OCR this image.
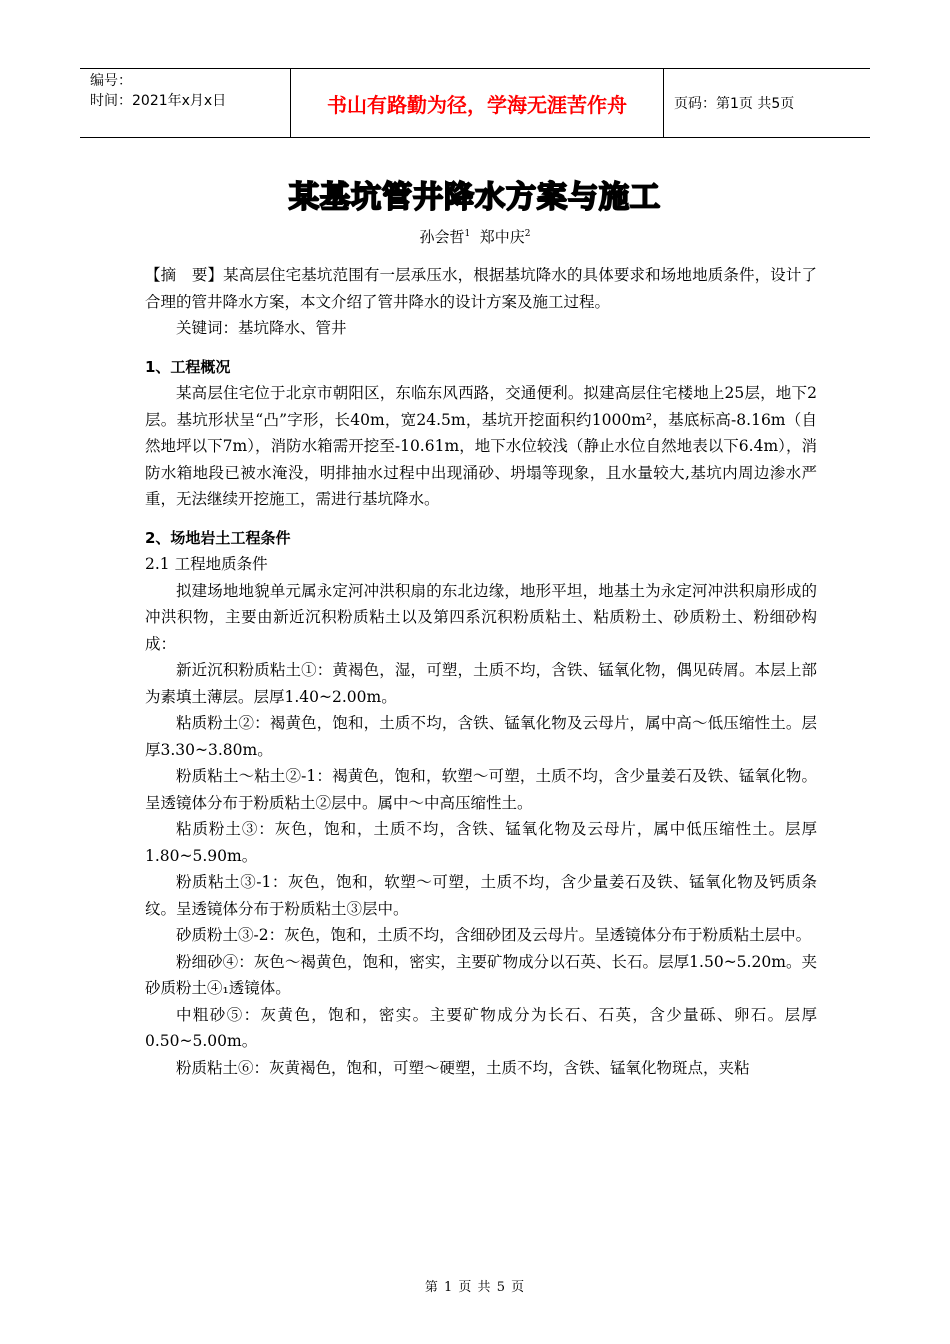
编号：
时间：2021年x月x日	书山有路勤为径，学海无涯苦作舟	页码：第1页 共5页
某基坑管井降水方案与施工
孙会哲$^1$ 郑中庆$^2$

【摘　要】某高层住宅基坑范围有一层承压水，根据基坑降水的具体要求和场地地质条件，设计了合理的管井降水方案，本文介绍了管井降水的设计方案及施工过程。

关键词：基坑降水、管井

1、工程概况

某高层住宅位于北京市朝阳区，东临东风西路，交通便利。拟建高层住宅楼地上25层，地下2层。基坑形状呈“凸”字形，长40m，宽24.5m，基坑开挖面积约1000m²，基底标高-8.16m（自然地坪以下7m），消防水箱需开挖至-10.61m，地下水位较浅（静止水位自然地表以下6.4m），消防水箱地段已被水淹没，明排抽水过程中出现涌砂、坍塌等现象，且水量较大,基坑内周边渗水严重，无法继续开挖施工，需进行基坑降水。

2、场地岩土工程条件

2.1 工程地质条件

拟建场地地貌单元属永定河冲洪积扇的东北边缘，地形平坦，地基土为永定河冲洪积扇形成的冲洪积物，主要由新近沉积粉质粘土以及第四系沉积粉质粘土、粘质粉土、砂质粉土、粉细砂构成：

新近沉积粉质粘土①：黄褐色，湿，可塑，土质不均，含铁、锰氧化物，偶见砖屑。本层上部为素填土薄层。层厚1.40~2.00m。

粘质粉土②：褐黄色，饱和，土质不均，含铁、锰氧化物及云母片，属中高～低压缩性土。层厚3.30~3.80m。

粉质粘土～粘土②-1：褐黄色，饱和，软塑～可塑，土质不均，含少量姜石及铁、锰氧化物。呈透镜体分布于粉质粘土②层中。属中～中高压缩性土。

粘质粉土③：灰色，饱和，土质不均，含铁、锰氧化物及云母片，属中低压缩性土。层厚1.80~5.90m。

粉质粘土③-1：灰色，饱和，软塑～可塑，土质不均，含少量姜石及铁、锰氧化物及钙质条纹。呈透镜体分布于粉质粘土③层中。

砂质粉土③-2：灰色，饱和，土质不均，含细砂团及云母片。呈透镜体分布于粉质粘土层中。

粉细砂④：灰色～褐黄色，饱和，密实，主要矿物成分以石英、长石。层厚1.50~5.20m。夹砂质粉土④₁透镜体。

中粗砂⑤：灰黄色，饱和，密实。主要矿物成分为长石、石英，含少量砾、卵石。层厚0.50~5.00m。

粉质粘土⑥：灰黄褐色，饱和，可塑～硬塑，土质不均，含铁、锰氧化物斑点，夹粘

第 1 页 共 5 页
